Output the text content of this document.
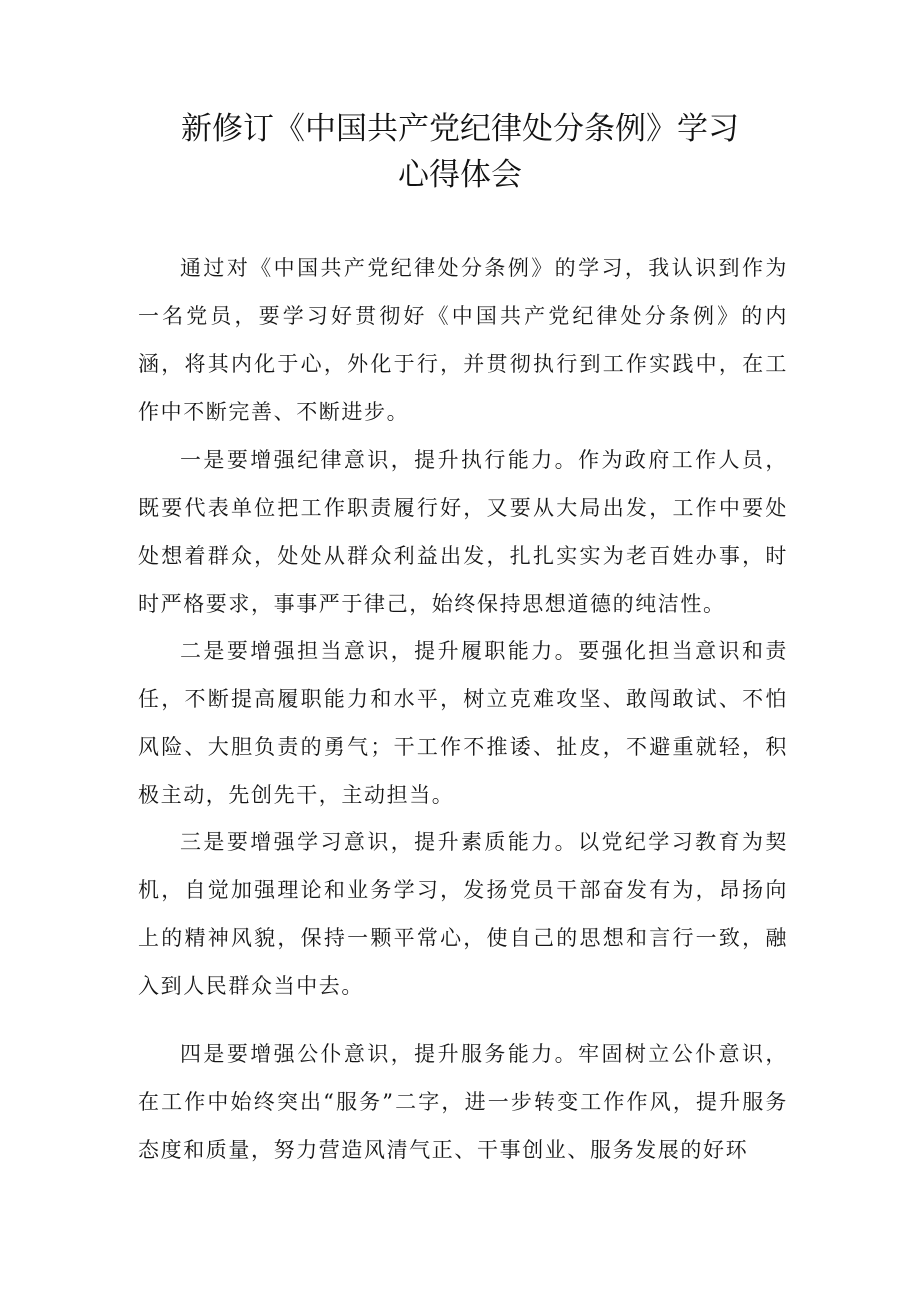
新修订《中国共产党纪律处分条例》学习
心得体会

通过对《中国共产党纪律处分条例》的学习，我认识到作为一名党员，要学习好贯彻好《中国共产党纪律处分条例》的内涵，将其内化于心，外化于行，并贯彻执行到工作实践中，在工作中不断完善、不断进步。

一是要增强纪律意识，提升执行能力。作为政府工作人员，既要代表单位把工作职责履行好，又要从大局出发，工作中要处处想着群众，处处从群众利益出发，扎扎实实为老百姓办事，时时严格要求，事事严于律己，始终保持思想道德的纯洁性。

二是要增强担当意识，提升履职能力。要强化担当意识和责任，不断提高履职能力和水平，树立克难攻坚、敢闯敢试、不怕风险、大胆负责的勇气；干工作不推诿、扯皮，不避重就轻，积极主动，先创先干，主动担当。

三是要增强学习意识，提升素质能力。以党纪学习教育为契机，自觉加强理论和业务学习，发扬党员干部奋发有为，昂扬向上的精神风貌，保持一颗平常心，使自己的思想和言行一致，融入到人民群众当中去。

四是要增强公仆意识，提升服务能力。牢固树立公仆意识，在工作中始终突出“服务”二字，进一步转变工作作风，提升服务态度和质量，努力营造风清气正、干事创业、服务发展的好环
